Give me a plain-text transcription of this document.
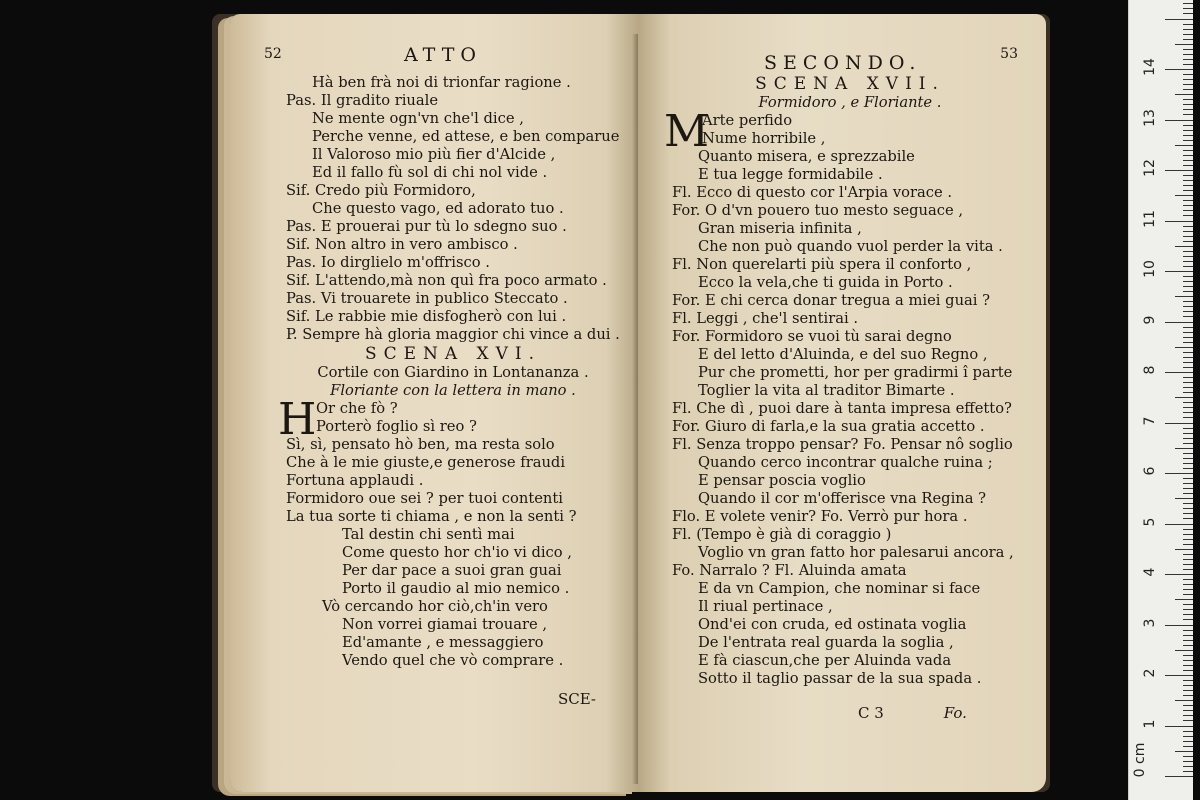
52	ATTO
Hà ben frà noi di trionfar ragione .
Pas. Il gradito riuale
Ne mente ogn'vn che'l dice ,
Perche venne, ed attese, e ben comparue
Il Valoroso mio più fier d'Alcide ,
Ed il fallo fù sol di chi nol vide .
Sif. Credo più Formidoro,
Che questo vago, ed adorato tuo .
Pas. E prouerai pur tù lo sdegno suo .
Sif. Non altro in vero ambisco .
Pas. Io dirglielo m'offrisco .
Sif. L'attendo,mà non quì fra poco armato .
Pas. Vi trouarete in publico Steccato .
Sif. Le rabbie mie disfogherò con lui .
P. Sempre hà gloria maggior chi vince a dui .
SCENA XVI.
Cortile con Giardino in Lontananza .
Floriante con la lettera in mano .
H Or che fò ?
Porterò foglio sì reo ?
Sì, sì, pensato hò ben, ma resta solo
Che à le mie giuste,e generose fraudi
Fortuna applaudi .
Formidoro oue sei ? per tuoi contenti
La tua sorte ti chiama , e non la senti ?
Tal destin chi sentì mai
Come questo hor ch'io vi dico ,
Per dar pace a suoi gran guai
Porto il gaudio al mio nemico .
Vò cercando hor ciò,ch'in vero
Non vorrei giamai trouare ,
Ed'amante , e messaggiero
Vendo quel che vò comprare .
SCE-
SECONDO.	53
SCENA XVII.
Formidoro , e Floriante .
M
Arte perfido
Nume horribile ,
Quanto misera, e sprezzabile
E tua legge formidabile .
Fl. Ecco di questo cor l'Arpia vorace .
For. O d'vn pouero tuo mesto seguace ,
Gran miseria infinita ,
Che non può quando vuol perder la vita .
Fl. Non querelarti più spera il conforto ,
Ecco la vela,che ti guida in Porto .
For. E chi cerca donar tregua a miei guai ?
Fl. Leggi , che'l sentirai .
For. Formidoro se vuoi tù sarai degno
E del letto d'Aluinda, e del suo Regno ,
Pur che prometti, hor per gradirmi î parte
Toglier la vita al traditor Bimarte .
Fl. Che dì , puoi dare à tanta impresa effetto?
For. Giuro di farla,e la sua gratia accetto .
Fl. Senza troppo pensar? Fo. Pensar nô soglio
Quando cerco incontrar qualche ruina ;
E pensar poscia voglio
Quando il cor m'offerisce vna Regina ?
Flo. E volete venir? Fo. Verrò pur hora .
Fl. (Tempo è già di coraggio )
Voglio vn gran fatto hor palesarui ancora ,
Fo. Narralo ? Fl. Aluinda amata
E da vn Campion, che nominar si face
Il riual pertinace ,
Ond'ei con cruda, ed ostinata voglia
De l'entrata real guarda la soglia ,
E fà ciascun,che per Aluinda vada
Sotto il taglio passar de la sua spada .
C 3	Fo.
0 cm
1
2
3
4
5
6
7
8
9
10
11
12
13
14
